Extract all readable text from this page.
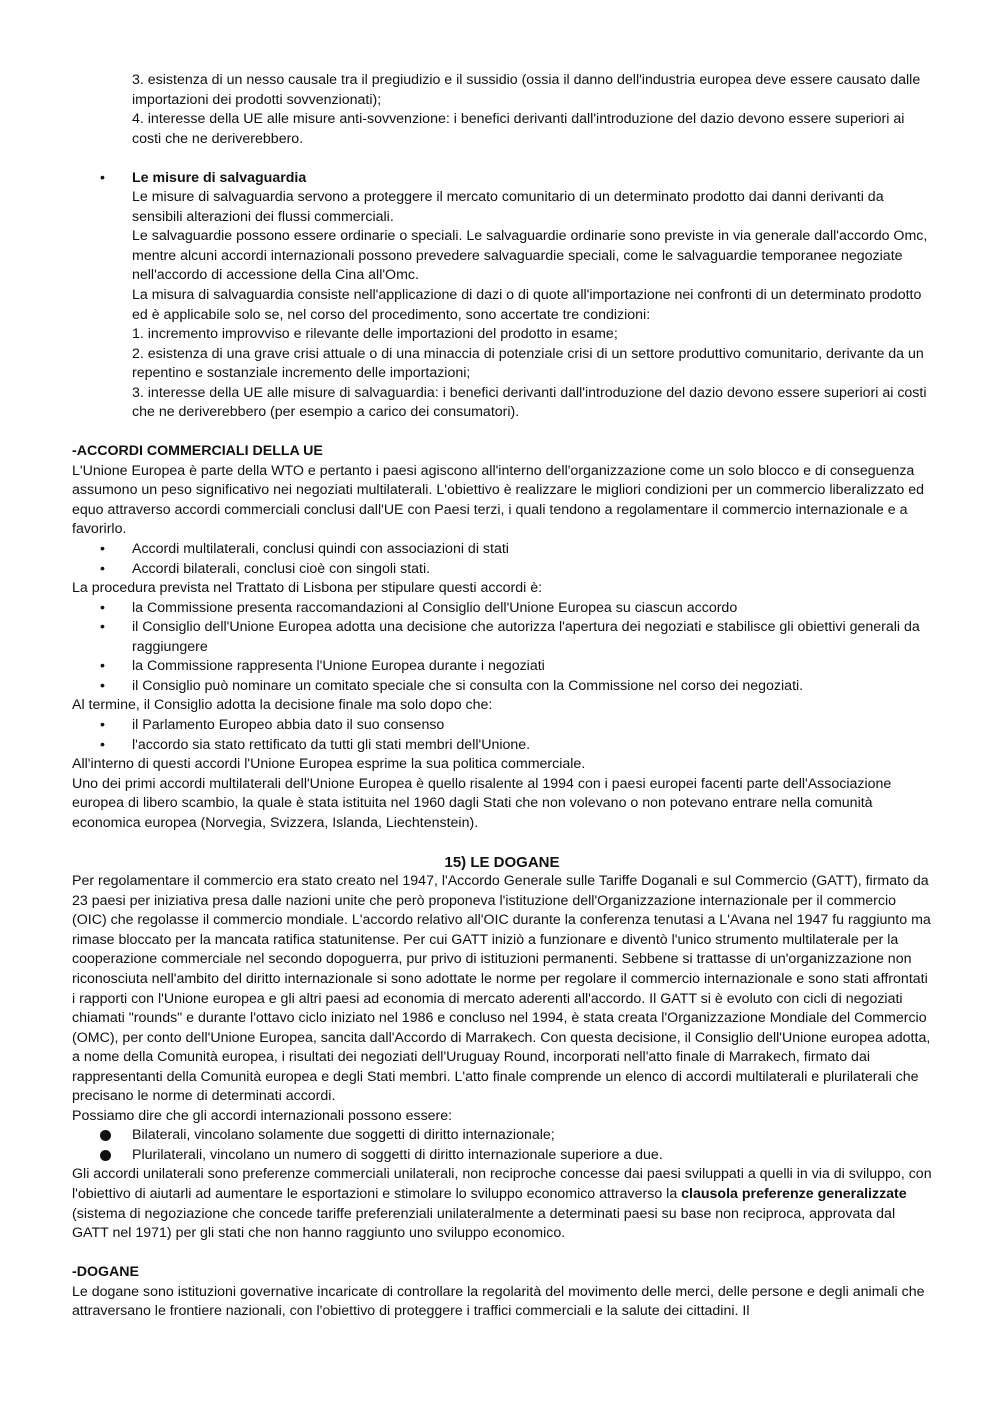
3. esistenza di un nesso causale tra il pregiudizio e il sussidio (ossia il danno dell'industria europea deve essere causato dalle importazioni dei prodotti sovvenzionati);

4. interesse della UE alle misure anti-sovvenzione: i benefici derivanti dall'introduzione del dazio devono essere superiori ai costi che ne deriverebbero.

• Le misure di salvaguardia

Le misure di salvaguardia servono a proteggere il mercato comunitario di un determinato prodotto dai danni derivanti da sensibili alterazioni dei flussi commerciali.

Le salvaguardie possono essere ordinarie o speciali. Le salvaguardie ordinarie sono previste in via generale dall'accordo Omc, mentre alcuni accordi internazionali possono prevedere salvaguardie speciali, come le salvaguardie temporanee negoziate nell'accordo di accessione della Cina all'Omc.

La misura di salvaguardia consiste nell'applicazione di dazi o di quote all'importazione nei confronti di un determinato prodotto ed è applicabile solo se, nel corso del procedimento, sono accertate tre condizioni:

1. incremento improvviso e rilevante delle importazioni del prodotto in esame;

2. esistenza di una grave crisi attuale o di una minaccia di potenziale crisi di un settore produttivo comunitario, derivante da un repentino e sostanziale incremento delle importazioni;

3. interesse della UE alle misure di salvaguardia: i benefici derivanti dall'introduzione del dazio devono essere superiori ai costi che ne deriverebbero (per esempio a carico dei consumatori).

-ACCORDI COMMERCIALI DELLA UE

L'Unione Europea è parte della WTO e pertanto i paesi agiscono all'interno dell'organizzazione come un solo blocco e di conseguenza assumono un peso significativo nei negoziati multilaterali. L'obiettivo è realizzare le migliori condizioni per un commercio liberalizzato ed equo attraverso accordi commerciali conclusi dall'UE con Paesi terzi, i quali tendono a regolamentare il commercio internazionale e a favorirlo.

• Accordi multilaterali, conclusi quindi con associazioni di stati
• Accordi bilaterali, conclusi cioè con singoli stati.

La procedura prevista nel Trattato di Lisbona per stipulare questi accordi è:

• la Commissione presenta raccomandazioni al Consiglio dell'Unione Europea su ciascun accordo
• il Consiglio dell'Unione Europea adotta una decisione che autorizza l'apertura dei negoziati e stabilisce gli obiettivi generali da raggiungere
• la Commissione rappresenta l'Unione Europea durante i negoziati
• il Consiglio può nominare un comitato speciale che si consulta con la Commissione nel corso dei negoziati.

Al termine, il Consiglio adotta la decisione finale ma solo dopo che:

• il Parlamento Europeo abbia dato il suo consenso
• l'accordo sia stato rettificato da tutti gli stati membri dell'Unione.

All'interno di questi accordi l'Unione Europea esprime la sua politica commerciale.

Uno dei primi accordi multilaterali dell'Unione Europea è quello risalente al 1994 con i paesi europei facenti parte dell'Associazione europea di libero scambio, la quale è stata istituita nel 1960 dagli Stati che non volevano o non potevano entrare nella comunità economica europea (Norvegia, Svizzera, Islanda, Liechtenstein).

15) LE DOGANE

Per regolamentare il commercio era stato creato nel 1947, l'Accordo Generale sulle Tariffe Doganali e sul Commercio (GATT), firmato da 23 paesi per iniziativa presa dalle nazioni unite che però proponeva l'istituzione dell'Organizzazione internazionale per il commercio (OIC) che regolasse il commercio mondiale. L'accordo relativo all'OIC durante la conferenza tenutasi a L'Avana nel 1947 fu raggiunto ma rimase bloccato per la mancata ratifica statunitense. Per cui GATT iniziò a funzionare e diventò l'unico strumento multilaterale per la cooperazione commerciale nel secondo dopoguerra, pur privo di istituzioni permanenti. Sebbene si trattasse di un'organizzazione non riconosciuta nell'ambito del diritto internazionale si sono adottate le norme per regolare il commercio internazionale e sono stati affrontati i rapporti con l'Unione europea e gli altri paesi ad economia di mercato aderenti all'accordo. Il GATT si è evoluto con cicli di negoziati chiamati "rounds" e durante l'ottavo ciclo iniziato nel 1986 e concluso nel 1994, è stata creata l'Organizzazione Mondiale del Commercio (OMC), per conto dell'Unione Europea, sancita dall'Accordo di Marrakech. Con questa decisione, il Consiglio dell'Unione europea adotta, a nome della Comunità europea, i risultati dei negoziati dell'Uruguay Round, incorporati nell'atto finale di Marrakech, firmato dai rappresentanti della Comunità europea e degli Stati membri. L'atto finale comprende un elenco di accordi multilaterali e plurilaterali che precisano le norme di determinati accordi.

Possiamo dire che gli accordi internazionali possono essere:

Bilaterali, vincolano solamente due soggetti di diritto internazionale;
Plurilaterali, vincolano un numero di soggetti di diritto internazionale superiore a due.

Gli accordi unilaterali sono preferenze commerciali unilaterali, non reciproche concesse dai paesi sviluppati a quelli in via di sviluppo, con l'obiettivo di aiutarli ad aumentare le esportazioni e stimolare lo sviluppo economico attraverso la clausola preferenze generalizzate (sistema di negoziazione che concede tariffe preferenziali unilateralmente a determinati paesi su base non reciproca, approvata dal GATT nel 1971) per gli stati che non hanno raggiunto uno sviluppo economico.

-DOGANE

Le dogane sono istituzioni governative incaricate di controllare la regolarità del movimento delle merci, delle persone e degli animali che attraversano le frontiere nazionali, con l'obiettivo di proteggere i traffici commerciali e la salute dei cittadini. Il
